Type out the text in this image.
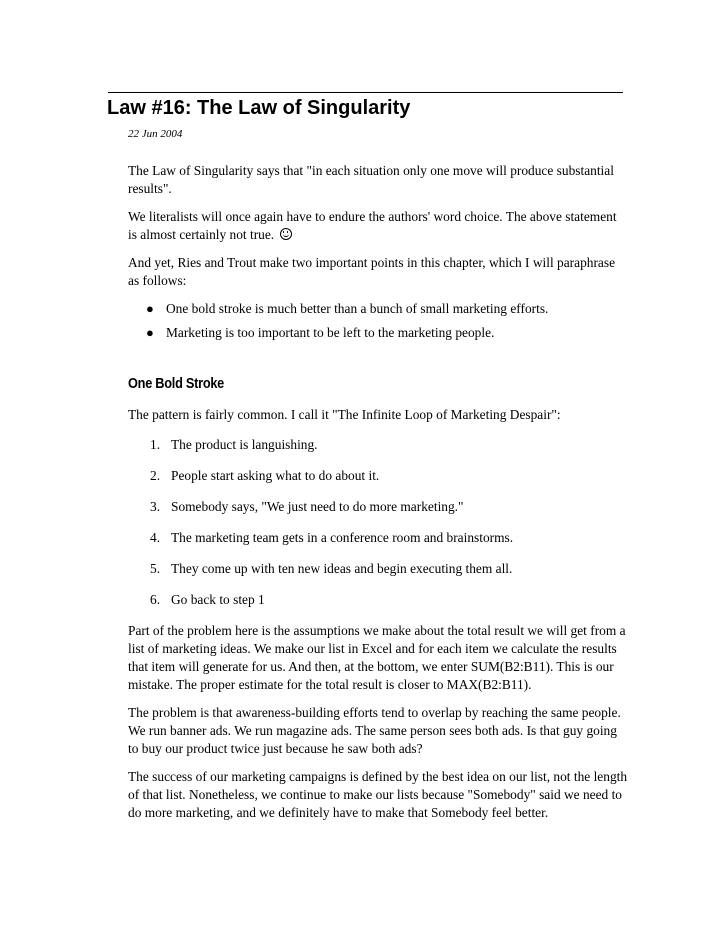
Law #16: The Law of Singularity
22 Jun 2004

The Law of Singularity says that "in each situation only one move will produce substantial results".

We literalists will once again have to endure the authors' word choice. The above statement is almost certainly not true.

And yet, Ries and Trout make two important points in this chapter, which I will paraphrase as follows:

● One bold stroke is much better than a bunch of small marketing efforts.
● Marketing is too important to be left to the marketing people.
One Bold Stroke

The pattern is fairly common. I call it "The Infinite Loop of Marketing Despair":

1. The product is languishing.
2. People start asking what to do about it.
3. Somebody says, "We just need to do more marketing."
4. The marketing team gets in a conference room and brainstorms.
5. They come up with ten new ideas and begin executing them all.
6. Go back to step 1

Part of the problem here is the assumptions we make about the total result we will get from a list of marketing ideas. We make our list in Excel and for each item we calculate the results that item will generate for us. And then, at the bottom, we enter SUM(B2:B11). This is our mistake. The proper estimate for the total result is closer to MAX(B2:B11).

The problem is that awareness-building efforts tend to overlap by reaching the same people. We run banner ads. We run magazine ads. The same person sees both ads. Is that guy going to buy our product twice just because he saw both ads?

The success of our marketing campaigns is defined by the best idea on our list, not the length of that list. Nonetheless, we continue to make our lists because "Somebody" said we need to do more marketing, and we definitely have to make that Somebody feel better.
